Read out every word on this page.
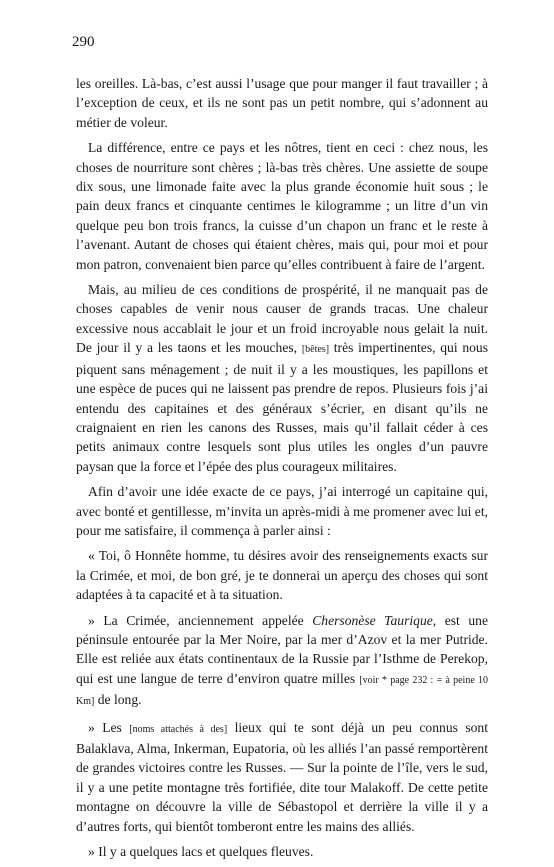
290

les oreilles. Là-bas, c’est aussi l’usage que pour manger il faut travailler ; à l’exception de ceux, et ils ne sont pas un petit nombre, qui s’adonnent au métier de voleur.

La différence, entre ce pays et les nôtres, tient en ceci : chez nous, les choses de nourriture sont chères ; là-bas très chères. Une assiette de soupe dix sous, une limonade faite avec la plus grande économie huit sous ; le pain deux francs et cinquante centimes le kilogramme ; un litre d’un vin quelque peu bon trois francs, la cuisse d’un chapon un franc et le reste à l’avenant. Autant de choses qui étaient chères, mais qui, pour moi et pour mon patron, convenaient bien parce qu’elles contribuent à faire de l’argent.

Mais, au milieu de ces conditions de prospérité, il ne manquait pas de choses capables de venir nous causer de grands tracas. Une chaleur excessive nous accablait le jour et un froid incroyable nous gelait la nuit. De jour il y a les taons et les mouches, [bêtes] très impertinentes, qui nous piquent sans ménagement ; de nuit il y a les moustiques, les papillons et une espèce de puces qui ne laissent pas prendre de repos. Plusieurs fois j’ai entendu des capitaines et des généraux s’écrier, en disant qu’ils ne craignaient en rien les canons des Russes, mais qu’il fallait céder à ces petits animaux contre lesquels sont plus utiles les ongles d’un pauvre paysan que la force et l’épée des plus courageux militaires.

Afin d’avoir une idée exacte de ce pays, j’ai interrogé un capitaine qui, avec bonté et gentillesse, m’invita un après-midi à me promener avec lui et, pour me satisfaire, il commença à parler ainsi :

« Toi, ô Honnête homme, tu désires avoir des renseignements exacts sur la Crimée, et moi, de bon gré, je te donnerai un aperçu des choses qui sont adaptées à ta capacité et à ta situation.

» La Crimée, anciennement appelée Chersonèse Taurique, est une péninsule entourée par la Mer Noire, par la mer d’Azov et la mer Putride. Elle est reliée aux états continentaux de la Russie par l’Isthme de Perekop, qui est une langue de terre d’environ quatre milles [voir * page 232 : = à peine 10 Km] de long.

» Les [noms attachés à des] lieux qui te sont déjà un peu connus sont Balaklava, Alma, Inkerman, Eupatoria, où les alliés l’an passé remportèrent de grandes victoires contre les Russes. — Sur la pointe de l’île, vers le sud, il y a une petite montagne très fortifiée, dite tour Malakoff. De cette petite montagne on découvre la ville de Sébastopol et derrière la ville il y a d’autres forts, qui bientôt tomberont entre les mains des alliés.

» Il y a quelques lacs et quelques fleuves.
